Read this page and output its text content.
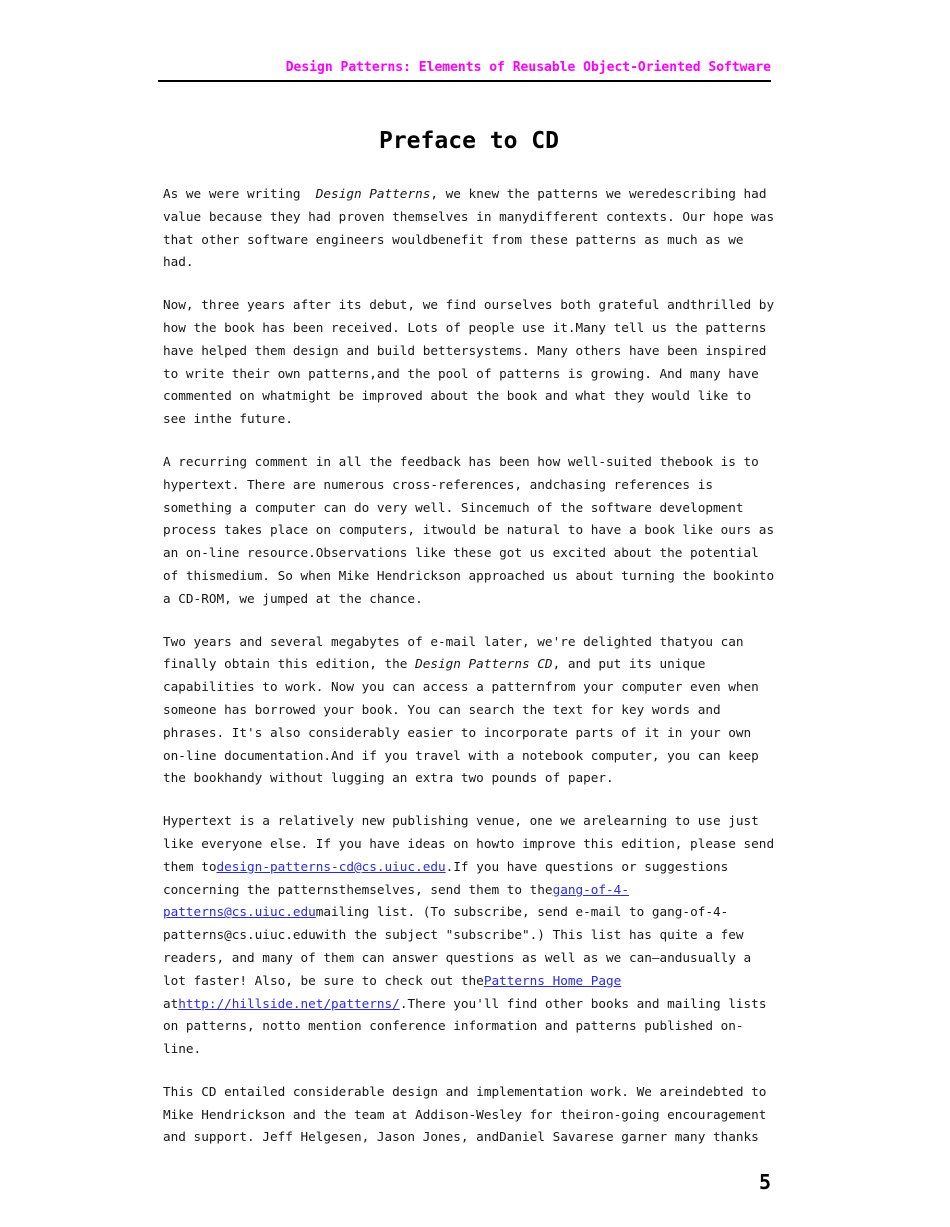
Design Patterns: Elements of Reusable Object-Oriented Software
Preface to CD

As we were writing  Design Patterns, we knew the patterns we weredescribing had value because they had proven themselves in manydifferent contexts. Our hope was that other software engineers wouldbenefit from these patterns as much as we had.

Now, three years after its debut, we find ourselves both grateful andthrilled by how the book has been received. Lots of people use it.Many tell us the patterns have helped them design and build bettersystems. Many others have been inspired to write their own patterns,and the pool of patterns is growing. And many have commented on whatmight be improved about the book and what they would like to see inthe future.

A recurring comment in all the feedback has been how well-suited thebook is to hypertext. There are numerous cross-references, andchasing references is something a computer can do very well. Sincemuch of the software development process takes place on computers, itwould be natural to have a book like ours as an on-line resource.Observations like these got us excited about the potential of thismedium. So when Mike Hendrickson approached us about turning the bookinto a CD-ROM, we jumped at the chance.

Two years and several megabytes of e-mail later, we're delighted thatyou can finally obtain this edition, the Design Patterns CD, and put its unique capabilities to work. Now you can access a patternfrom your computer even when someone has borrowed your book. You can search the text for key words and phrases. It's also considerably easier to incorporate parts of it in your own on-line documentation.And if you travel with a notebook computer, you can keep the bookhandy without lugging an extra two pounds of paper.

Hypertext is a relatively new publishing venue, one we arelearning to use just like everyone else. If you have ideas on howto improve this edition, please send them todesign-patterns-cd@cs.uiuc.edu.If you have questions or suggestions concerning the patternsthemselves, send them to thegang-of-4-patterns@cs.uiuc.edumailing list. (To subscribe, send e-mail to gang-of-4-patterns@cs.uiuc.eduwith the subject "subscribe".) This list has quite a few readers, and many of them can answer questions as well as we can—andusually a lot faster! Also, be sure to check out thePatterns Home Page athttp://hillside.net/patterns/.There you'll find other books and mailing lists on patterns, notto mention conference information and patterns published on-line.

This CD entailed considerable design and implementation work. We areindebted to Mike Hendrickson and the team at Addison-Wesley for theiron-going encouragement and support. Jeff Helgesen, Jason Jones, andDaniel Savarese garner many thanks

5
